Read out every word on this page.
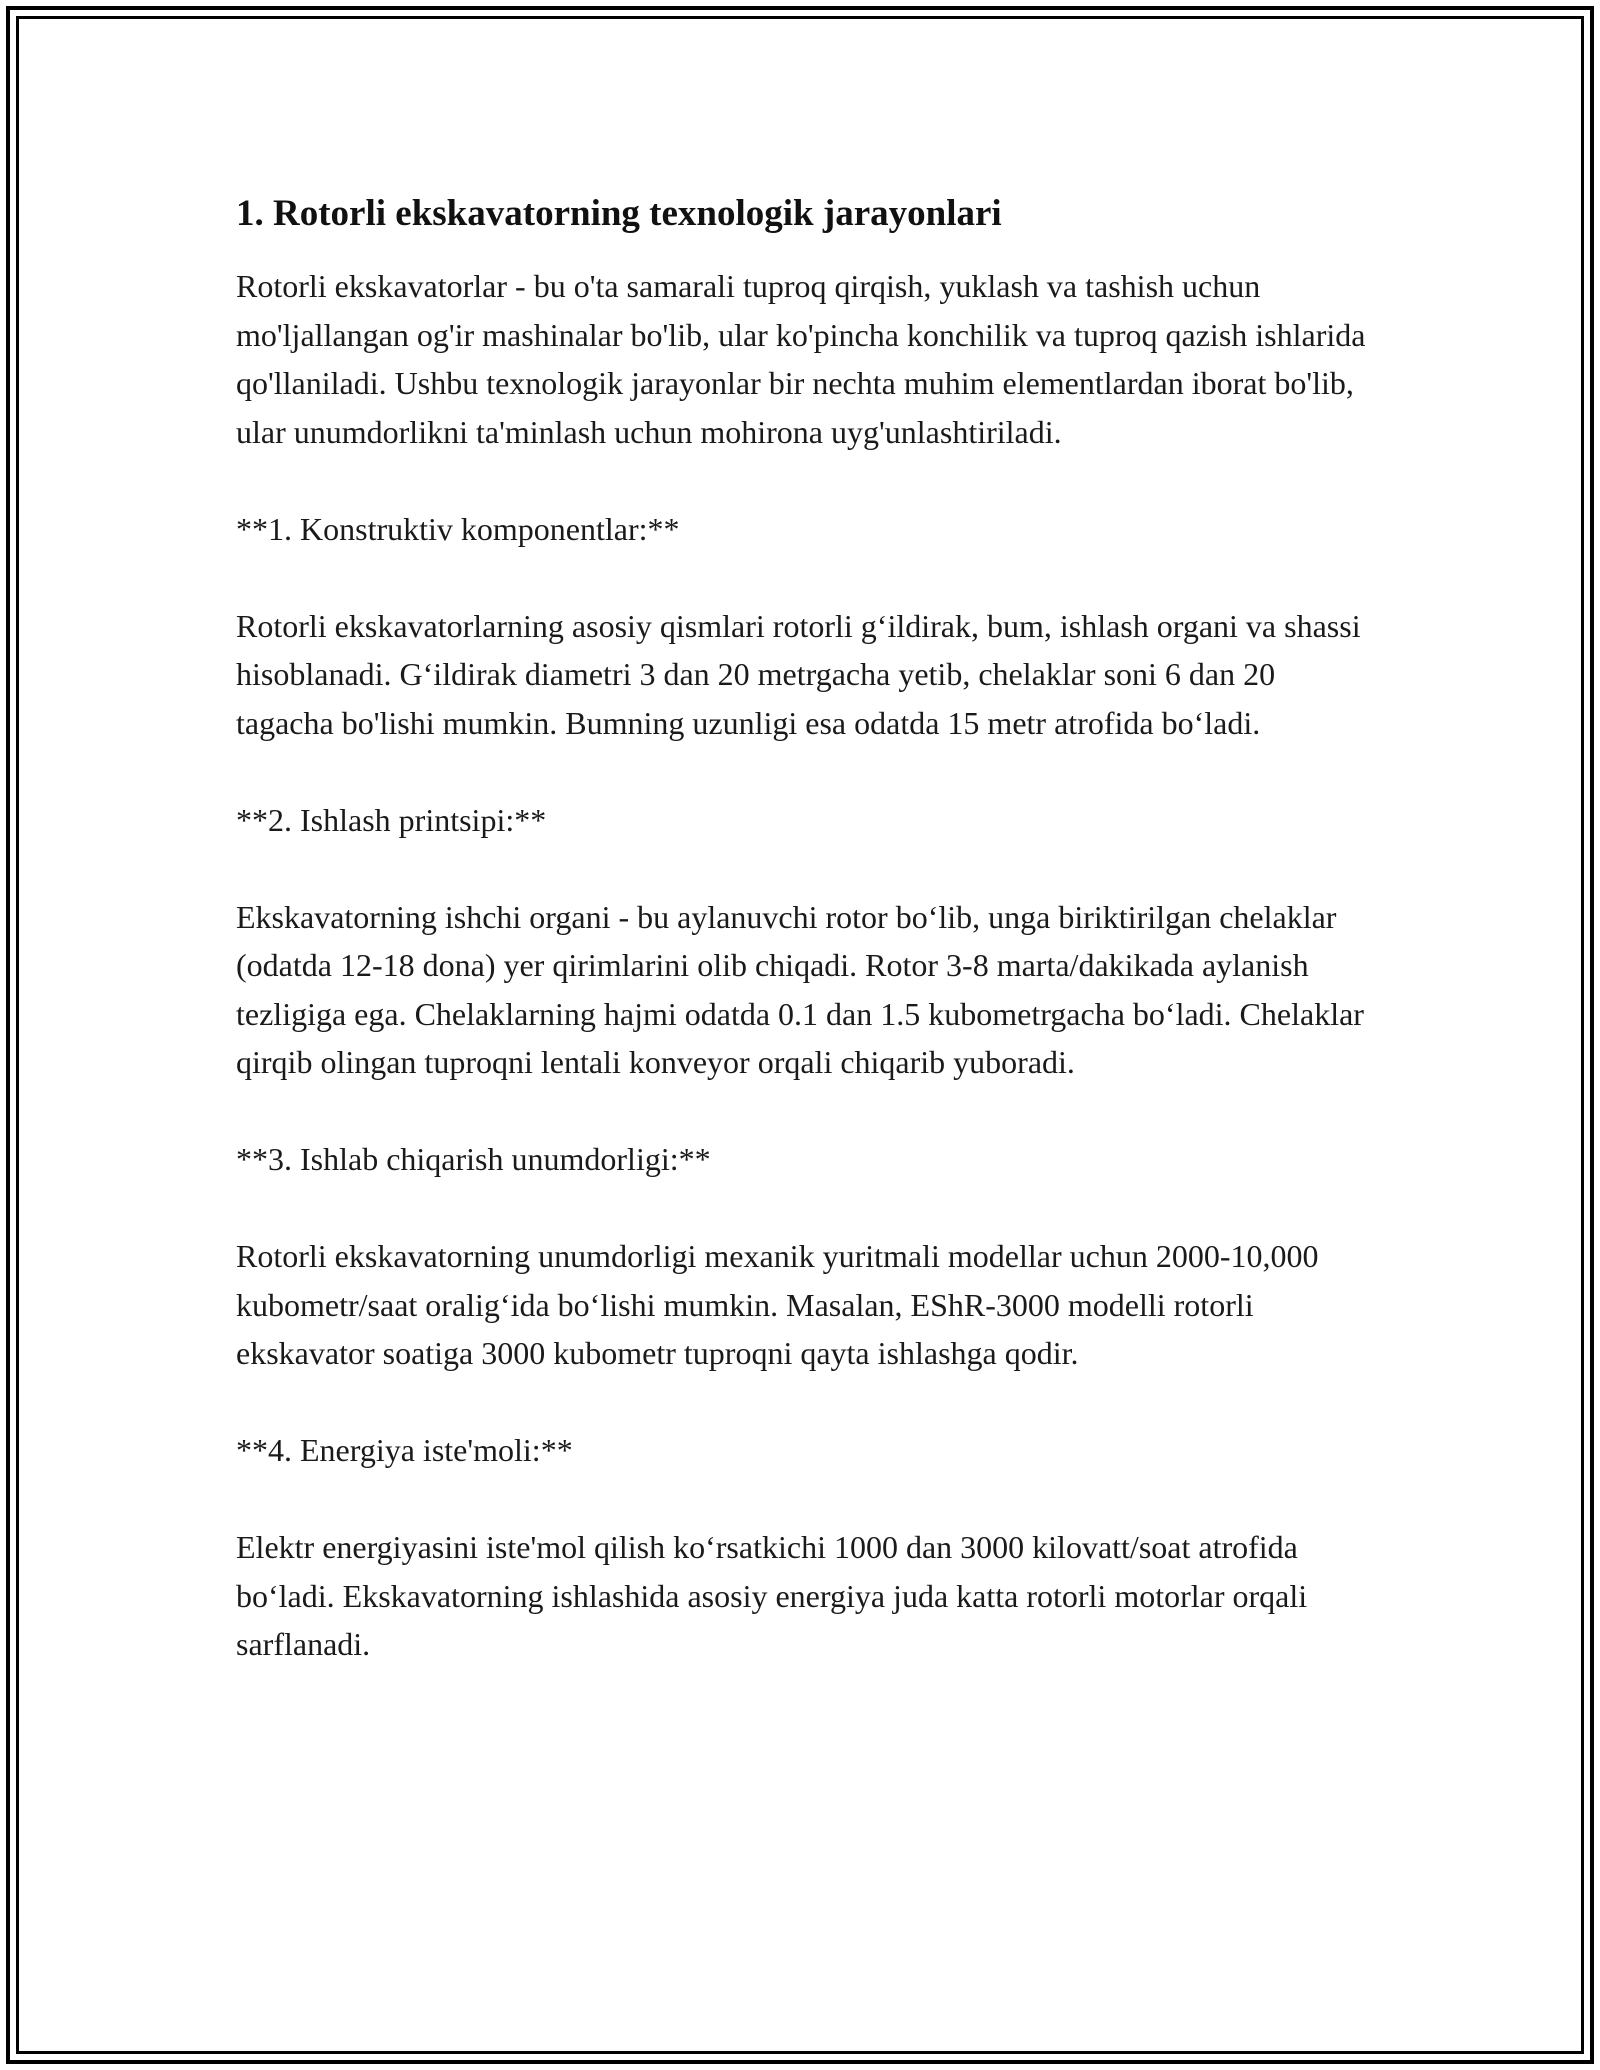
1. Rotorli ekskavatorning texnologik jarayonlari

Rotorli ekskavatorlar - bu o'ta samarali tuproq qirqish, yuklash va tashish uchun mo'ljallangan og'ir mashinalar bo'lib, ular ko'pincha konchilik va tuproq qazish ishlarida qo'llaniladi. Ushbu texnologik jarayonlar bir nechta muhim elementlardan iborat bo'lib, ular unumdorlikni ta'minlash uchun mohirona uyg'unlashtiriladi.

**1. Konstruktiv komponentlar:**

Rotorli ekskavatorlarning asosiy qismlari rotorli g‘ildirak, bum, ishlash organi va shassi hisoblanadi. G‘ildirak diametri 3 dan 20 metrgacha yetib, chelaklar soni 6 dan 20 tagacha bo'lishi mumkin. Bumning uzunligi esa odatda 15 metr atrofida bo‘ladi.

**2. Ishlash printsipi:**

Ekskavatorning ishchi organi - bu aylanuvchi rotor bo‘lib, unga biriktirilgan chelaklar (odatda 12-18 dona) yer qirimlarini olib chiqadi. Rotor 3-8 marta/dakikada aylanish tezligiga ega. Chelaklarning hajmi odatda 0.1 dan 1.5 kubometrgacha bo‘ladi. Chelaklar qirqib olingan tuproqni lentali konveyor orqali chiqarib yuboradi.

**3. Ishlab chiqarish unumdorligi:**

Rotorli ekskavatorning unumdorligi mexanik yuritmali modellar uchun 2000-10,000 kubometr/saat oralig‘ida bo‘lishi mumkin. Masalan, EShR-3000 modelli rotorli ekskavator soatiga 3000 kubometr tuproqni qayta ishlashga qodir.

**4. Energiya iste'moli:**

Elektr energiyasini iste'mol qilish ko‘rsatkichi 1000 dan 3000 kilovatt/soat atrofida bo‘ladi. Ekskavatorning ishlashida asosiy energiya juda katta rotorli motorlar orqali sarflanadi.
